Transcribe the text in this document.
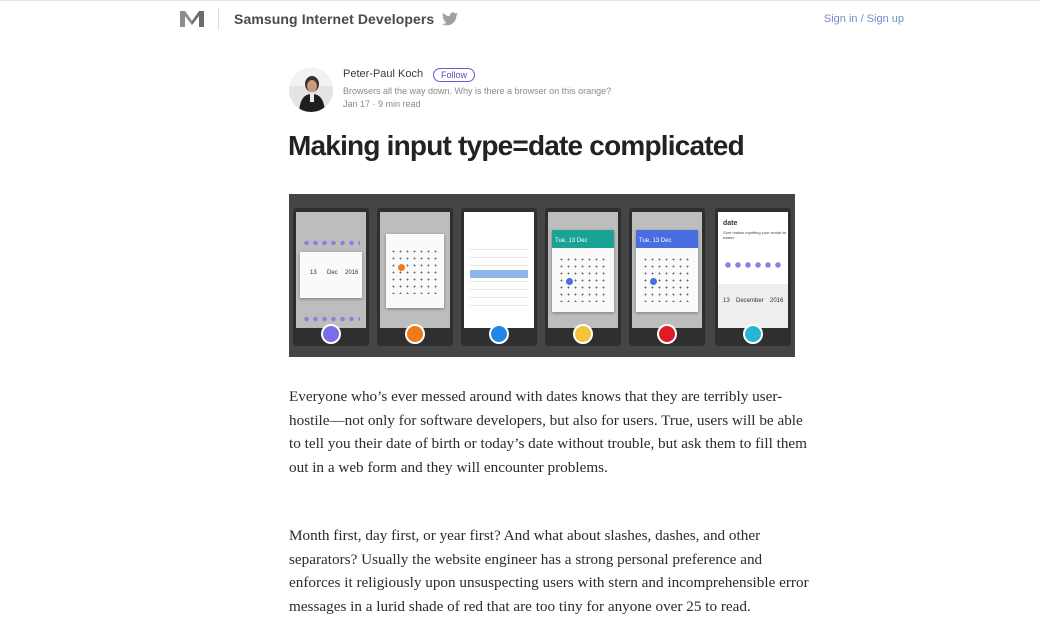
Samsung Internet Developers	Sign in / Sign up
Peter-Paul Koch	Follow
Browsers all the way down. Why is there a browser on this orange?
Jan 17 · 9 min read
Making input type=date complicated
13 Dec 2016
Tue, 13 Dec	Tue, 13 Dec
date
Sure makes inputting your whole lot easier.
13 December 2016

Everyone who’s ever messed around with dates knows that they are terribly user-hostile—not only for software developers, but also for users. True, users will be able to tell you their date of birth or today’s date without trouble, but ask them to fill them out in a web form and they will encounter problems.

Month first, day first, or year first? And what about slashes, dashes, and other separators? Usually the website engineer has a strong personal preference and enforces it religiously upon unsuspecting users with stern and incomprehensible error messages in a lurid shade of red that are too tiny for anyone over 25 to read.
